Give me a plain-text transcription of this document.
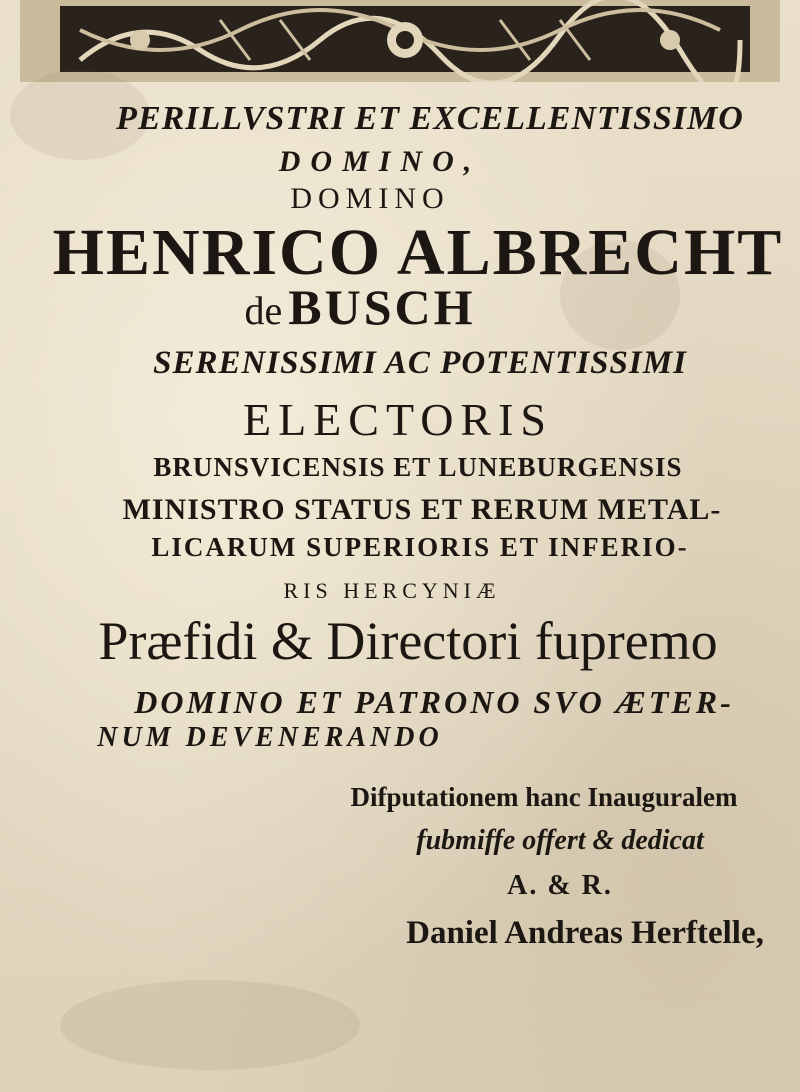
PERILLVSTRI ET EXCELLENTISSIMO
DOMINO,
DOMINO
HENRICO ALBRECHT
de BUSCH
SERENISSIMI AC POTENTISSIMI
ELECTORIS
BRUNSVICENSIS ET LUNEBURGENSIS
MINISTRO STATUS ET RERUM METAL-
LICARUM SUPERIORIS ET INFERIO-
RIS HERCYNIÆ
Præfidi & Directori fupremo
DOMINO ET PATRONO SVO ÆTER-
NUM DEVENERANDO
Difputationem hanc Inauguralem
fubmiffe offert & dedicat
A. & R.
Daniel Andreas Herftelle,
